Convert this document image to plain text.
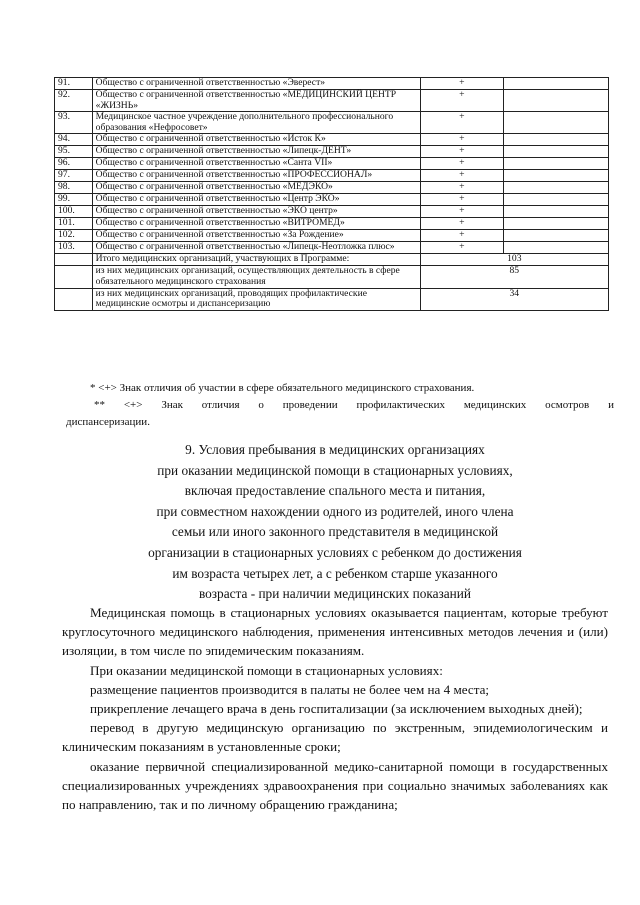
91.	Общество с ограниченной ответственностью «Эверест»	+	
92.	Общество с ограниченной ответственностью «МЕДИЦИНСКИЙ ЦЕНТР «ЖИЗНЬ»	+	
93.	Медицинское частное учреждение дополнительного профессионального образования «Нефросовет»	+	
94.	Общество с ограниченной ответственностью «Исток К»	+	
95.	Общество с ограниченной ответственностью «Липецк-ДЕНТ»	+	
96.	Общество с ограниченной ответственностью «Санта VII»	+	
97.	Общество с ограниченной ответственностью «ПРОФЕССИОНАЛ»	+	
98.	Общество с ограниченной ответственностью «МЕДЭКО»	+	
99.	Общество с ограниченной ответственностью «Центр ЭКО»	+	
100.	Общество с ограниченной ответственностью «ЭКО центр»	+	
101.	Общество с ограниченной ответственностью «ВИТРОМЕД»	+	
102.	Общество с ограниченной ответственностью «За Рождение»	+	
103.	Общество с ограниченной ответственностью «Липецк-Неотложка плюс»	+	
	Итого медицинских организаций, участвующих в Программе:	103	
	из них медицинских организаций, осуществляющих деятельность в сфере обязательного медицинского страхования	85	
	из них медицинских организаций, проводящих профилактические медицинские осмотры и диспансеризацию	34	

* <+> Знак отличия об участии в сфере обязательного медицинского страхования.

** <+> Знак отличия о проведении профилактических медицинских осмотров и диспансеризации.

9. Условия пребывания в медицинских организациях
при оказании медицинской помощи в стационарных условиях,
включая предоставление спального места и питания,
при совместном нахождении одного из родителей, иного члена
семьи или иного законного представителя в медицинской
организации в стационарных условиях с ребенком до достижения
им возраста четырех лет, а с ребенком старше указанного
возраста - при наличии медицинских показаний

Медицинская помощь в стационарных условиях оказывается пациентам, которые требуют круглосуточного медицинского наблюдения, применения интенсивных методов лечения и (или) изоляции, в том числе по эпидемическим показаниям.

При оказании медицинской помощи в стационарных условиях:

размещение пациентов производится в палаты не более чем на 4 места;

прикрепление лечащего врача в день госпитализации (за исключением выходных дней);

перевод в другую медицинскую организацию по экстренным, эпидемиологическим и клиническим показаниям в установленные сроки;

оказание первичной специализированной медико-санитарной помощи в государственных специализированных учреждениях здравоохранения при социально значимых заболеваниях как по направлению, так и по личному обращению гражданина;
